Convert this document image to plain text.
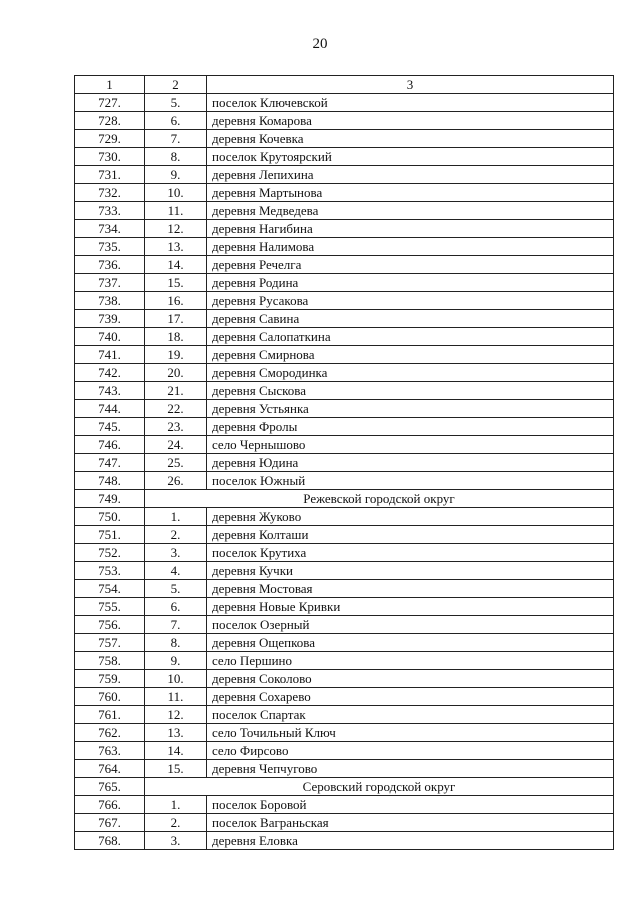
20
1	2	3
727.	5.	поселок Ключевской
728.	6.	деревня Комарова
729.	7.	деревня Кочевка
730.	8.	поселок Крутоярский
731.	9.	деревня Лепихина
732.	10.	деревня Мартынова
733.	11.	деревня Медведева
734.	12.	деревня Нагибина
735.	13.	деревня Налимова
736.	14.	деревня Речелга
737.	15.	деревня Родина
738.	16.	деревня Русакова
739.	17.	деревня Савина
740.	18.	деревня Салопаткина
741.	19.	деревня Смирнова
742.	20.	деревня Смородинка
743.	21.	деревня Сыскова
744.	22.	деревня Устьянка
745.	23.	деревня Фролы
746.	24.	село Чернышово
747.	25.	деревня Юдина
748.	26.	поселок Южный
749.	Режевской городской округ	
750.	1.	деревня Жуково
751.	2.	деревня Колташи
752.	3.	поселок Крутиха
753.	4.	деревня Кучки
754.	5.	деревня Мостовая
755.	6.	деревня Новые Кривки
756.	7.	поселок Озерный
757.	8.	деревня Ощепкова
758.	9.	село Першино
759.	10.	деревня Соколово
760.	11.	деревня Сохарево
761.	12.	поселок Спартак
762.	13.	село Точильный Ключ
763.	14.	село Фирсово
764.	15.	деревня Чепчугово
765.	Серовский городской округ	
766.	1.	поселок Боровой
767.	2.	поселок Ваграньская
768.	3.	деревня Еловка
